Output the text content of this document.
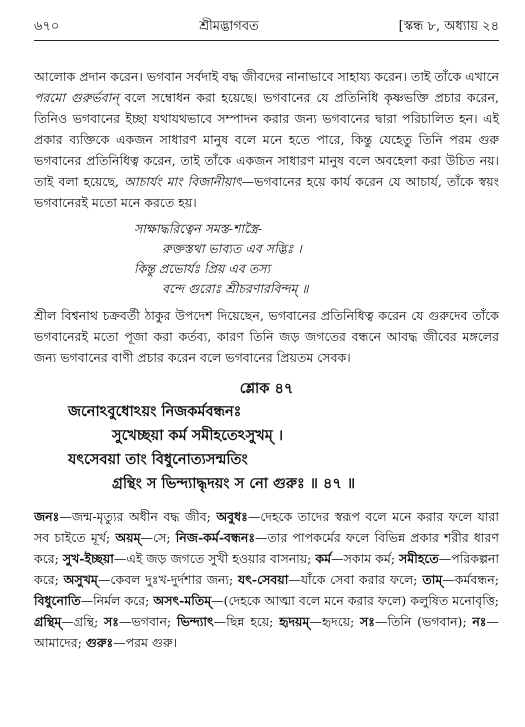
৬৭০	শ্রীমদ্ভাগবত	[স্কন্ধ ৮, অধ্যায় ২৪

আলোক প্রদান করেন। ভগবান সর্বদাই বদ্ধ জীবদের নানাভাবে সাহায্য করেন। তাই তাঁকে এখানে পরমো গুরুর্ভবান্ বলে সম্বোধন করা হয়েছে। ভগবানের যে প্রতিনিধি কৃষ্ণভক্তি প্রচার করেন, তিনিও ভগবানের ইচ্ছা যথাযথভাবে সম্পাদন করার জন্য ভগবানের দ্বারা পরিচালিত হন। এই প্রকার ব্যক্তিকে একজন সাধারণ মানুষ বলে মনে হতে পারে, কিন্তু যেহেতু তিনি পরম গুরু ভগবানের প্রতিনিধিত্ব করেন, তাই তাঁকে একজন সাধারণ মানুষ বলে অবহেলা করা উচিত নয়। তাই বলা হয়েছে, আচার্যং মাং বিজানীয়াৎ—ভগবানের হয়ে কার্য করেন যে আচার্য, তাঁকে স্বয়ং ভগবানেরই মতো মনে করতে হয়।

সাক্ষাদ্ধরিত্বেন সমস্ত-শাস্ত্রৈ-
রুক্তস্তথা ভাব্যত এব সদ্ভিঃ ।
কিন্তু প্রভোর্যঃ প্রিয় এব তস্য
বন্দে গুরোঃ শ্রীচরণারবিন্দম্ ॥

শ্রীল বিশ্বনাথ চক্রবর্তী ঠাকুর উপদেশ দিয়েছেন, ভগবানের প্রতিনিধিত্ব করেন যে গুরুদেব তাঁকে ভগবানেরই মতো পূজা করা কর্তব্য, কারণ তিনি জড় জগতের বন্ধনে আবদ্ধ জীবের মঙ্গলের জন্য ভগবানের বাণী প্রচার করেন বলে ভগবানের প্রিয়তম সেবক।

শ্লোক ৪৭
জনোঽবুধোঽয়ং নিজকর্মবন্ধনঃ
সুখেচ্ছয়া কর্ম সমীহতেঽসুখম্ ।
যৎসেবয়া তাং বিধুনোত্যসন্মতিং
গ্রন্থিং স ভিন্দ্যাদ্ধৃদয়ং স নো গুরুঃ ॥ ৪৭ ॥

জনঃ—জন্ম-মৃত্যুর অধীন বদ্ধ জীব; অবুধঃ—দেহকে তাদের স্বরূপ বলে মনে করার ফলে যারা সব চাইতে মূর্খ; অয়ম্—সে; নিজ-কর্ম-বন্ধনঃ—তার পাপকর্মের ফলে বিভিন্ন প্রকার শরীর ধারণ করে; সুখ-ইচ্ছয়া—এই জড় জগতে সুখী হওয়ার বাসনায়; কর্ম—সকাম কর্ম; সমীহতে—পরিকল্পনা করে; অসুখম্—কেবল দুঃখ-দুর্দশার জন্য; যৎ-সেবয়া—যাঁকে সেবা করার ফলে; তাম্—কর্মবন্ধন; বিধুনোতি—নির্মল করে; অসৎ-মতিম্—(দেহকে আত্মা বলে মনে করার ফলে) কলুষিত মনোবৃত্তি; গ্রন্থিম্—গ্রন্থি; সঃ—ভগবান; ভিন্দ্যাৎ—ছিন্ন হয়ে; হৃদয়ম্—হৃদয়ে; সঃ—তিনি (ভগবান); নঃ—আমাদের; গুরুঃ—পরম গুরু।
